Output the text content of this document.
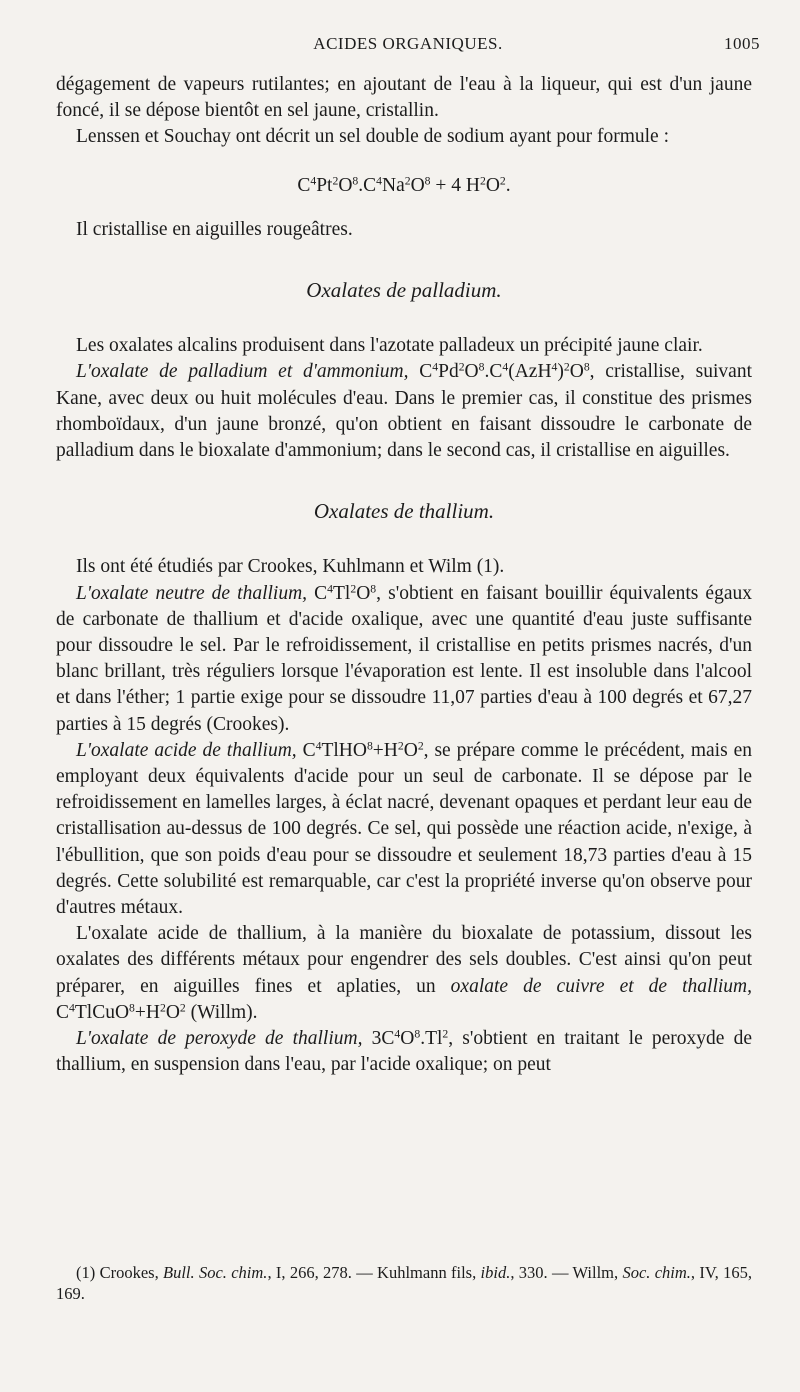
ACIDES ORGANIQUES.	1005

dégagement de vapeurs rutilantes; en ajoutant de l'eau à la liqueur, qui est d'un jaune foncé, il se dépose bientôt en sel jaune, cristallin.

Lenssen et Souchay ont décrit un sel double de sodium ayant pour formule :

$C^4Pt^2O^8.C^4Na^2O^8 + 4$ $H^2O^2$.

Il cristallise en aiguilles rougeâtres.

Oxalates de palladium.

Les oxalates alcalins produisent dans l'azotate palladeux un précipité jaune clair.

L'oxalate de palladium et d'ammonium, $C^4Pd^2O^8.C^4(AzH^4)^2O^8$, cristallise, suivant Kane, avec deux ou huit molécules d'eau. Dans le premier cas, il constitue des prismes rhomboïdaux, d'un jaune bronzé, qu'on obtient en faisant dissoudre le carbonate de palladium dans le bioxalate d'ammonium; dans le second cas, il cristallise en aiguilles.

Oxalates de thallium.

Ils ont été étudiés par Crookes, Kuhlmann et Wilm (1).

L'oxalate neutre de thallium, $C^4Tl^2O^8$, s'obtient en faisant bouillir équivalents égaux de carbonate de thallium et d'acide oxalique, avec une quantité d'eau juste suffisante pour dissoudre le sel. Par le refroidissement, il cristallise en petits prismes nacrés, d'un blanc brillant, très réguliers lorsque l'évaporation est lente. Il est insoluble dans l'alcool et dans l'éther; 1 partie exige pour se dissoudre 11,07 parties d'eau à 100 degrés et 67,27 parties à 15 degrés (Crookes).

L'oxalate acide de thallium, $C^4TlHO^8+H^2O^2$, se prépare comme le précédent, mais en employant deux équivalents d'acide pour un seul de carbonate. Il se dépose par le refroidissement en lamelles larges, à éclat nacré, devenant opaques et perdant leur eau de cristallisation au-dessus de 100 degrés. Ce sel, qui possède une réaction acide, n'exige, à l'ébullition, que son poids d'eau pour se dissoudre et seulement 18,73 parties d'eau à 15 degrés. Cette solubilité est remarquable, car c'est la propriété inverse qu'on observe pour d'autres métaux.

L'oxalate acide de thallium, à la manière du bioxalate de potassium, dissout les oxalates des différents métaux pour engendrer des sels doubles. C'est ainsi qu'on peut préparer, en aiguilles fines et aplaties, un oxalate de cuivre et de thallium, $C^4TlCuO^8+H^2O^2$ (Willm).

L'oxalate de peroxyde de thallium, $3C^4O^8.Tl^2$, s'obtient en traitant le peroxyde de thallium, en suspension dans l'eau, par l'acide oxalique; on peut

(1) Crookes, Bull. Soc. chim., I, 266, 278. — Kuhlmann fils, ibid., 330. — Willm, Soc. chim., IV, 165, 169.
